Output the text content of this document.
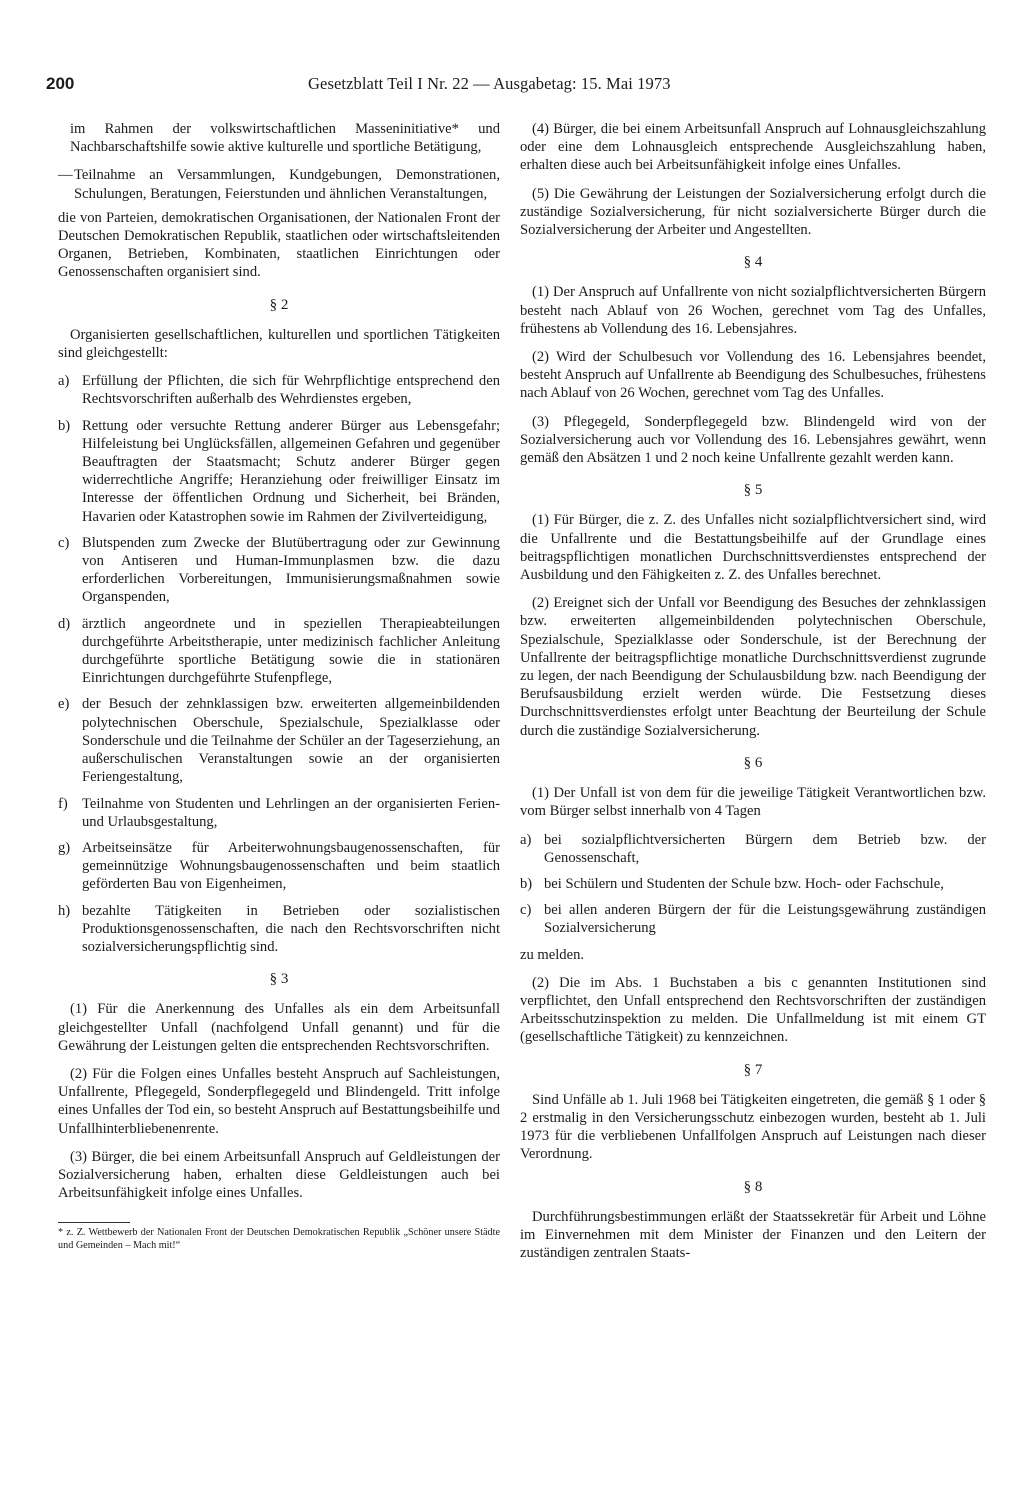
200	Gesetzblatt Teil I Nr. 22 — Ausgabetag: 15. Mai 1973

im Rahmen der volkswirtschaftlichen Masseninitiative* und Nachbarschaftshilfe sowie aktive kulturelle und sportliche Betätigung,

— Teilnahme an Versammlungen, Kundgebungen, Demonstrationen, Schulungen, Beratungen, Feierstunden und ähnlichen Veranstaltungen,

die von Parteien, demokratischen Organisationen, der Nationalen Front der Deutschen Demokratischen Republik, staatlichen oder wirtschaftsleitenden Organen, Betrieben, Kombinaten, staatlichen Einrichtungen oder Genossenschaften organisiert sind.

§ 2

Organisierten gesellschaftlichen, kulturellen und sportlichen Tätigkeiten sind gleichgestellt:

a) Erfüllung der Pflichten, die sich für Wehrpflichtige entsprechend den Rechtsvorschriften außerhalb des Wehrdienstes ergeben,
b) Rettung oder versuchte Rettung anderer Bürger aus Lebensgefahr; Hilfeleistung bei Unglücksfällen, allgemeinen Gefahren und gegenüber Beauftragten der Staatsmacht; Schutz anderer Bürger gegen widerrechtliche Angriffe; Heranziehung oder freiwilliger Einsatz im Interesse der öffentlichen Ordnung und Sicherheit, bei Bränden, Havarien oder Katastrophen sowie im Rahmen der Zivilverteidigung,
c) Blutspenden zum Zwecke der Blutübertragung oder zur Gewinnung von Antiseren und Human-Immunplasmen bzw. die dazu erforderlichen Vorbereitungen, Immunisierungsmaßnahmen sowie Organspenden,
d) ärztlich angeordnete und in speziellen Therapieabteilungen durchgeführte Arbeitstherapie, unter medizinisch fachlicher Anleitung durchgeführte sportliche Betätigung sowie die in stationären Einrichtungen durchgeführte Stufenpflege,
e) der Besuch der zehnklassigen bzw. erweiterten allgemeinbildenden polytechnischen Oberschule, Spezialschule, Spezialklasse oder Sonderschule und die Teilnahme der Schüler an der Tageserziehung, an außerschulischen Veranstaltungen sowie an der organisierten Feriengestaltung,
f) Teilnahme von Studenten und Lehrlingen an der organisierten Ferien- und Urlaubsgestaltung,
g) Arbeitseinsätze für Arbeiterwohnungsbaugenossenschaften, für gemeinnützige Wohnungsbaugenossenschaften und beim staatlich geförderten Bau von Eigenheimen,
h) bezahlte Tätigkeiten in Betrieben oder sozialistischen Produktionsgenossenschaften, die nach den Rechtsvorschriften nicht sozialversicherungspflichtig sind.
§ 3

(1) Für die Anerkennung des Unfalles als ein dem Arbeitsunfall gleichgestellter Unfall (nachfolgend Unfall genannt) und für die Gewährung der Leistungen gelten die entsprechenden Rechtsvorschriften.

(2) Für die Folgen eines Unfalles besteht Anspruch auf Sachleistungen, Unfallrente, Pflegegeld, Sonderpflegegeld und Blindengeld. Tritt infolge eines Unfalles der Tod ein, so besteht Anspruch auf Bestattungsbeihilfe und Unfallhinterbliebenenrente.

(3) Bürger, die bei einem Arbeitsunfall Anspruch auf Geldleistungen der Sozialversicherung haben, erhalten diese Geldleistungen auch bei Arbeitsunfähigkeit infolge eines Unfalles.

* z. Z. Wettbewerb der Nationalen Front der Deutschen Demokratischen Republik „Schöner unsere Städte und Gemeinden – Mach mit!“

(4) Bürger, die bei einem Arbeitsunfall Anspruch auf Lohnausgleichszahlung oder eine dem Lohnausgleich entsprechende Ausgleichszahlung haben, erhalten diese auch bei Arbeitsunfähigkeit infolge eines Unfalles.

(5) Die Gewährung der Leistungen der Sozialversicherung erfolgt durch die zuständige Sozialversicherung, für nicht sozialversicherte Bürger durch die Sozialversicherung der Arbeiter und Angestellten.

§ 4

(1) Der Anspruch auf Unfallrente von nicht sozialpflichtversicherten Bürgern besteht nach Ablauf von 26 Wochen, gerechnet vom Tag des Unfalles, frühestens ab Vollendung des 16. Lebensjahres.

(2) Wird der Schulbesuch vor Vollendung des 16. Lebensjahres beendet, besteht Anspruch auf Unfallrente ab Beendigung des Schulbesuches, frühestens nach Ablauf von 26 Wochen, gerechnet vom Tag des Unfalles.

(3) Pflegegeld, Sonderpflegegeld bzw. Blindengeld wird von der Sozialversicherung auch vor Vollendung des 16. Lebensjahres gewährt, wenn gemäß den Absätzen 1 und 2 noch keine Unfallrente gezahlt werden kann.

§ 5

(1) Für Bürger, die z. Z. des Unfalles nicht sozialpflichtversichert sind, wird die Unfallrente und die Bestattungsbeihilfe auf der Grundlage eines beitragspflichtigen monatlichen Durchschnittsverdienstes entsprechend der Ausbildung und den Fähigkeiten z. Z. des Unfalles berechnet.

(2) Ereignet sich der Unfall vor Beendigung des Besuches der zehnklassigen bzw. erweiterten allgemeinbildenden polytechnischen Oberschule, Spezialschule, Spezialklasse oder Sonderschule, ist der Berechnung der Unfallrente der beitragspflichtige monatliche Durchschnittsverdienst zugrunde zu legen, der nach Beendigung der Schulausbildung bzw. nach Beendigung der Berufsausbildung erzielt werden würde. Die Festsetzung dieses Durchschnittsverdienstes erfolgt unter Beachtung der Beurteilung der Schule durch die zuständige Sozialversicherung.

§ 6

(1) Der Unfall ist von dem für die jeweilige Tätigkeit Verantwortlichen bzw. vom Bürger selbst innerhalb von 4 Tagen

a) bei sozialpflichtversicherten Bürgern dem Betrieb bzw. der Genossenschaft,
b) bei Schülern und Studenten der Schule bzw. Hoch- oder Fachschule,
c) bei allen anderen Bürgern der für die Leistungsgewährung zuständigen Sozialversicherung

zu melden.

(2) Die im Abs. 1 Buchstaben a bis c genannten Institutionen sind verpflichtet, den Unfall entsprechend den Rechtsvorschriften der zuständigen Arbeitsschutzinspektion zu melden. Die Unfallmeldung ist mit einem GT (gesellschaftliche Tätigkeit) zu kennzeichnen.

§ 7

Sind Unfälle ab 1. Juli 1968 bei Tätigkeiten eingetreten, die gemäß § 1 oder § 2 erstmalig in den Versicherungsschutz einbezogen wurden, besteht ab 1. Juli 1973 für die verbliebenen Unfallfolgen Anspruch auf Leistungen nach dieser Verordnung.

§ 8

Durchführungsbestimmungen erläßt der Staatssekretär für Arbeit und Löhne im Einvernehmen mit dem Minister der Finanzen und den Leitern der zuständigen zentralen Staats-
